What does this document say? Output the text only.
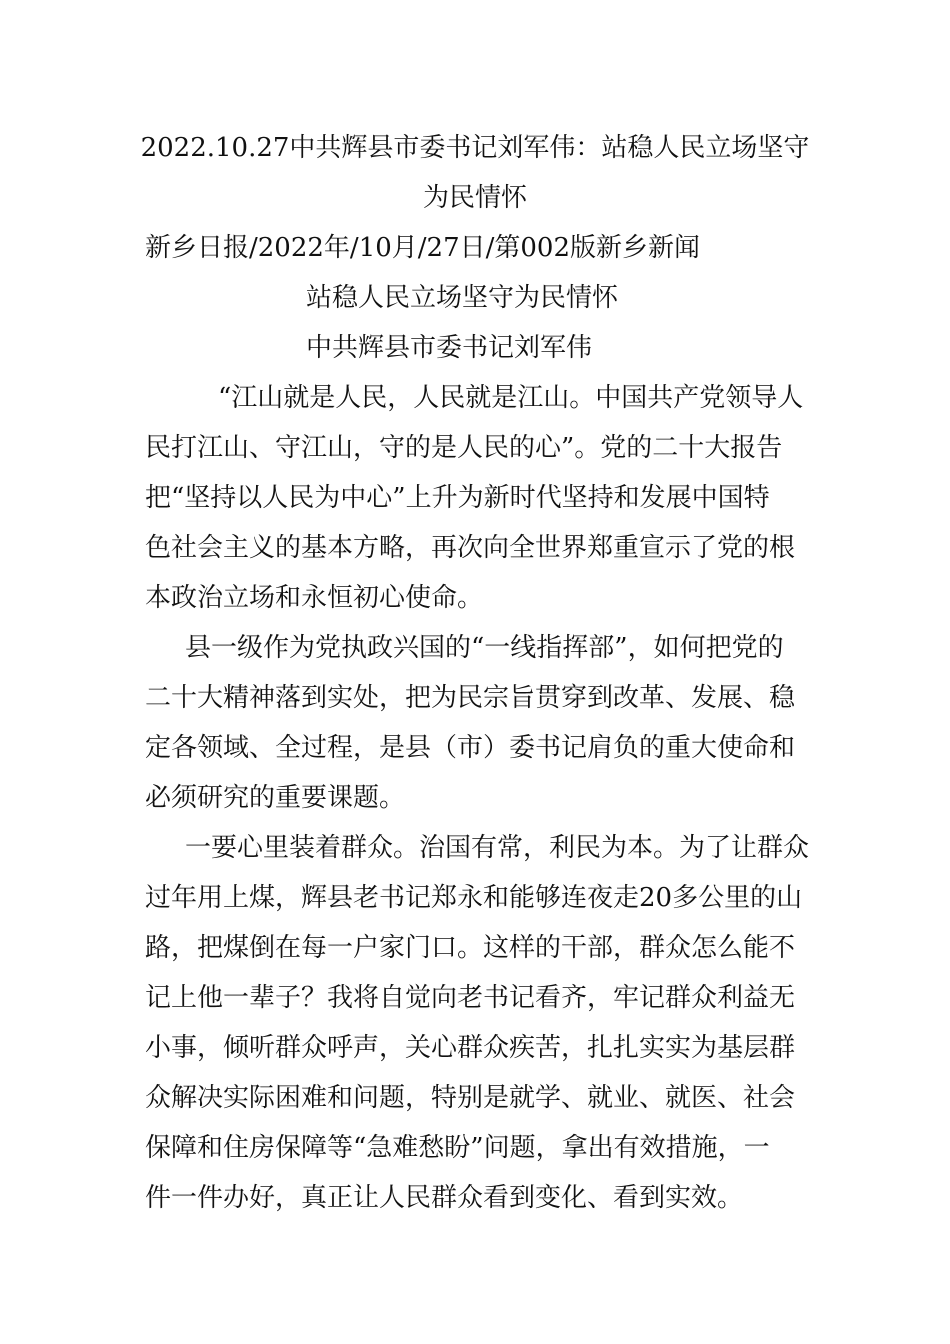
2022.10.27中共辉县市委书记刘军伟：站稳人民立场坚守
为民情怀
新乡日报/2022年/10月/27日/第002版新乡新闻
站稳人民立场坚守为民情怀
中共辉县市委书记刘军伟
“江山就是人民，人民就是江山。中国共产党领导人
民打江山、守江山，守的是人民的心”。党的二十大报告
把“坚持以人民为中心”上升为新时代坚持和发展中国特
色社会主义的基本方略，再次向全世界郑重宣示了党的根
本政治立场和永恒初心使命。
县一级作为党执政兴国的“一线指挥部”，如何把党的
二十大精神落到实处，把为民宗旨贯穿到改革、发展、稳
定各领域、全过程，是县（市）委书记肩负的重大使命和
必须研究的重要课题。
一要心里装着群众。治国有常，利民为本。为了让群众
过年用上煤，辉县老书记郑永和能够连夜走20多公里的山
路，把煤倒在每一户家门口。这样的干部，群众怎么能不
记上他一辈子？我将自觉向老书记看齐，牢记群众利益无
小事，倾听群众呼声，关心群众疾苦，扎扎实实为基层群
众解决实际困难和问题，特别是就学、就业、就医、社会
保障和住房保障等“急难愁盼”问题，拿出有效措施，一
件一件办好，真正让人民群众看到变化、看到实效。
